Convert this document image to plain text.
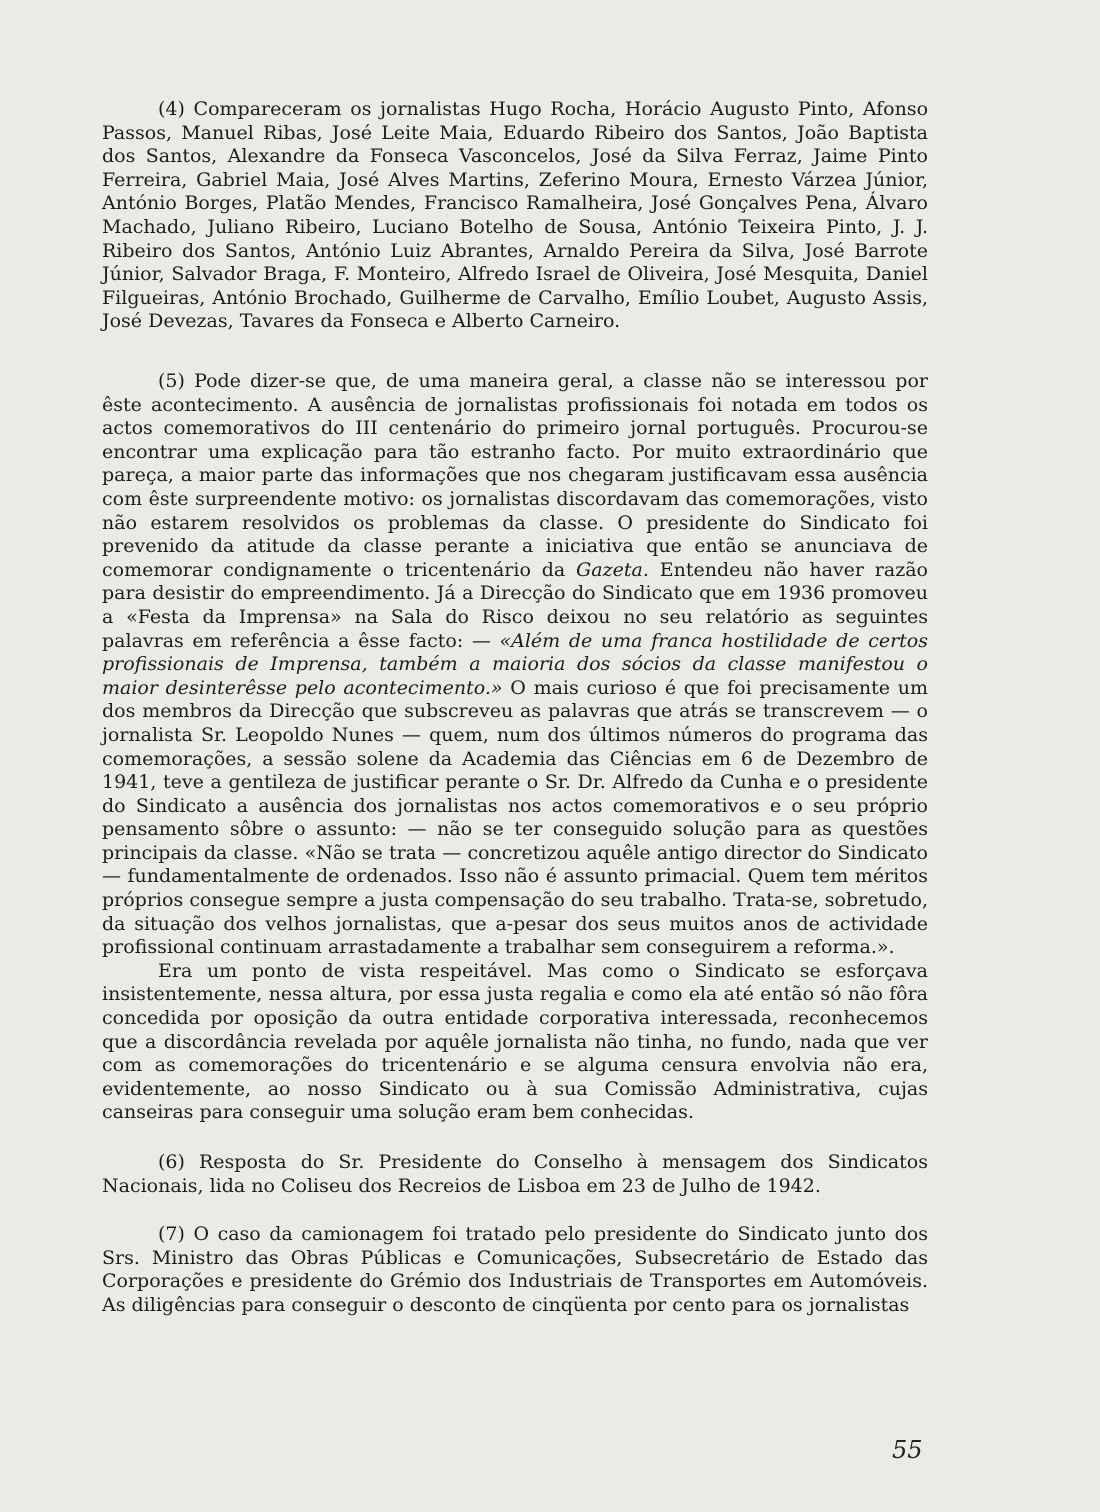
(4) Compareceram os jornalistas Hugo Rocha, Horácio Augusto Pinto, Afonso Passos, Manuel Ribas, José Leite Maia, Eduardo Ribeiro dos Santos, João Baptista dos Santos, Alexandre da Fonseca Vasconcelos, José da Silva Ferraz, Jaime Pinto Ferreira, Gabriel Maia, José Alves Martins, Zeferino Moura, Ernesto Várzea Júnior, António Borges, Platão Mendes, Francisco Ramalheira, José Gonçalves Pena, Álvaro Machado, Juliano Ribeiro, Luciano Botelho de Sousa, António Teixeira Pinto, J. J. Ribeiro dos Santos, António Luiz Abrantes, Arnaldo Pereira da Silva, José Barrote Júnior, Salvador Braga, F. Monteiro, Alfredo Israel de Oliveira, José Mesquita, Daniel Filgueiras, António Brochado, Guilherme de Carvalho, Emílio Loubet, Augusto Assis, José Devezas, Tavares da Fonseca e Alberto Carneiro.

(5) Pode dizer-se que, de uma maneira geral, a classe não se interessou por êste acontecimento. A ausência de jornalistas profissionais foi notada em todos os actos comemorativos do III centenário do primeiro jornal português. Procurou-se encontrar uma explicação para tão estranho facto. Por muito extraordinário que pareça, a maior parte das informações que nos chegaram justificavam essa ausência com êste surpreendente motivo: os jornalistas discordavam das comemorações, visto não estarem resolvidos os problemas da classe. O presidente do Sindicato foi prevenido da atitude da classe perante a iniciativa que então se anunciava de comemorar condignamente o tricentenário da Gazeta. Entendeu não haver razão para desistir do empreendimento. Já a Direcção do Sindicato que em 1936 promoveu a «Festa da Imprensa» na Sala do Risco deixou no seu relatório as seguintes palavras em referência a êsse facto: — «Além de uma franca hostilidade de certos profissionais de Imprensa, também a maioria dos sócios da classe manifestou o maior desinterêsse pelo acontecimento.» O mais curioso é que foi precisamente um dos membros da Direcção que subscreveu as palavras que atrás se transcrevem — o jornalista Sr. Leopoldo Nunes — quem, num dos últimos números do programa das comemorações, a sessão solene da Academia das Ciências em 6 de Dezembro de 1941, teve a gentileza de justificar perante o Sr. Dr. Alfredo da Cunha e o presidente do Sindicato a ausência dos jornalistas nos actos comemorativos e o seu próprio pensamento sôbre o assunto: — não se ter conseguido solução para as questões principais da classe. «Não se trata — concretizou aquêle antigo director do Sindicato — fundamentalmente de ordenados. Isso não é assunto primacial. Quem tem méritos próprios consegue sempre a justa compensação do seu trabalho. Trata-se, sobretudo, da situação dos velhos jornalistas, que a-pesar dos seus muitos anos de actividade profissional continuam arrastadamente a trabalhar sem conseguirem a reforma.».

Era um ponto de vista respeitável. Mas como o Sindicato se esforçava insistentemente, nessa altura, por essa justa regalia e como ela até então só não fôra concedida por oposição da outra entidade corporativa interessada, reconhecemos que a discordância revelada por aquêle jornalista não tinha, no fundo, nada que ver com as comemorações do tricentenário e se alguma censura envolvia não era, evidentemente, ao nosso Sindicato ou à sua Comissão Administrativa, cujas canseiras para conseguir uma solução eram bem conhecidas.

(6) Resposta do Sr. Presidente do Conselho à mensagem dos Sindicatos Nacionais, lida no Coliseu dos Recreios de Lisboa em 23 de Julho de 1942.

(7) O caso da camionagem foi tratado pelo presidente do Sindicato junto dos Srs. Ministro das Obras Públicas e Comunicações, Subsecretário de Estado das Corporações e presidente do Grémio dos Industriais de Transportes em Automóveis. As diligências para conseguir o desconto de cinqüenta por cento para os jornalistas

55
